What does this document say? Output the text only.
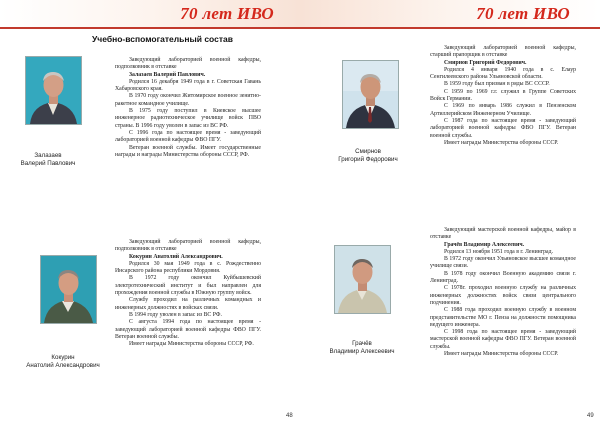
70 лет ИВО
Учебно-вспомогательный состав
Залазаев
Валерий Павлович

Заведующий лабораторией военной кафедры, подполковник в отставке

Залазаев Валерий Павлович.

Родился 16 декабря 1949 года в г. Советская Гавань Хабаровского края.

В 1970 году окончил Житомирское военное зенитно-ракетное командное училище.

В 1975 году поступил в Киевское высшее инженерное радиотехническое училище войск ПВО страны. В 1996 году уволен в запас из ВС РФ.

С 1996 года по настоящее время - заведующий лабораторией военной кафедры ФВО ПГУ.

Ветеран военной службы. Имеет государственные награды и награды Министерства обороны СССР, РФ.

Кокурин
Анатолий Александрович

Заведующий лабораторией военной кафедры, подполковник в отставке

Кокурин Анатолий Александрович.

Родился 30 мая 1949 года в с. Рождественно Инсарского района республики Мордовия.

В 1972 году окончил Куйбышевский электротехнический институт и был направлен для прохождения военной службы в Южную группу войск.

Службу проходил на различных командных и инженерных должностях в войсках связи.

В 1994 году уволен в запас из ВС РФ.

С августа 1994 года по настоящее время - заведующий лабораторией военной кафедры ФВО ПГУ. Ветеран военной службы.

Имеет награды Министерства обороны СССР, РФ.

48
70 лет ИВО
Смирнов
Григорий Федорович

Заведующий лабораторией военной кафедры, старший прапорщик в отставке

Смирнов Григорий Федорович.

Родился 4 января 1940 года в с. Елаур Сенгилеевского района Ульяновской области.

В 1959 году был призван в ряды ВС СССР.

С 1959 по 1969 г.г. служил в Группе Советских Войск Германии.

С 1969 по январь 1986 служил в Пензенском Артиллерийском Инженерном Училище.

С 1987 года по настоящее время - заведующий лабораторией военной кафедры ФВО ПГУ. Ветеран военной службы.

Имеет награды Министерства обороны СССР.

Грачёв
Владимир Алексеевич

Заведующий мастерской военной кафедры, майор в отставке

Грачёв Владимир Алексеевич.

Родился 13 ноября 1951 года в г. Ленинград.

В 1972 году окончил Ульяновское высшее командное училище связи.

В 1978 году окончил Военную академию связи г. Ленинград.

С 1978г. проходил военную службу на различных инженерных должностях войск связи центрального подчинения.

С 1988 года проходил военную службу в военном представительстве МО г. Пенза на должности помощника ведущего инженера.

С 1998 года по настоящее время - заведующий мастерской военной кафедры ФВО ПГУ. Ветеран военной службы.

Имеет награды Министерства обороны СССР.

49
